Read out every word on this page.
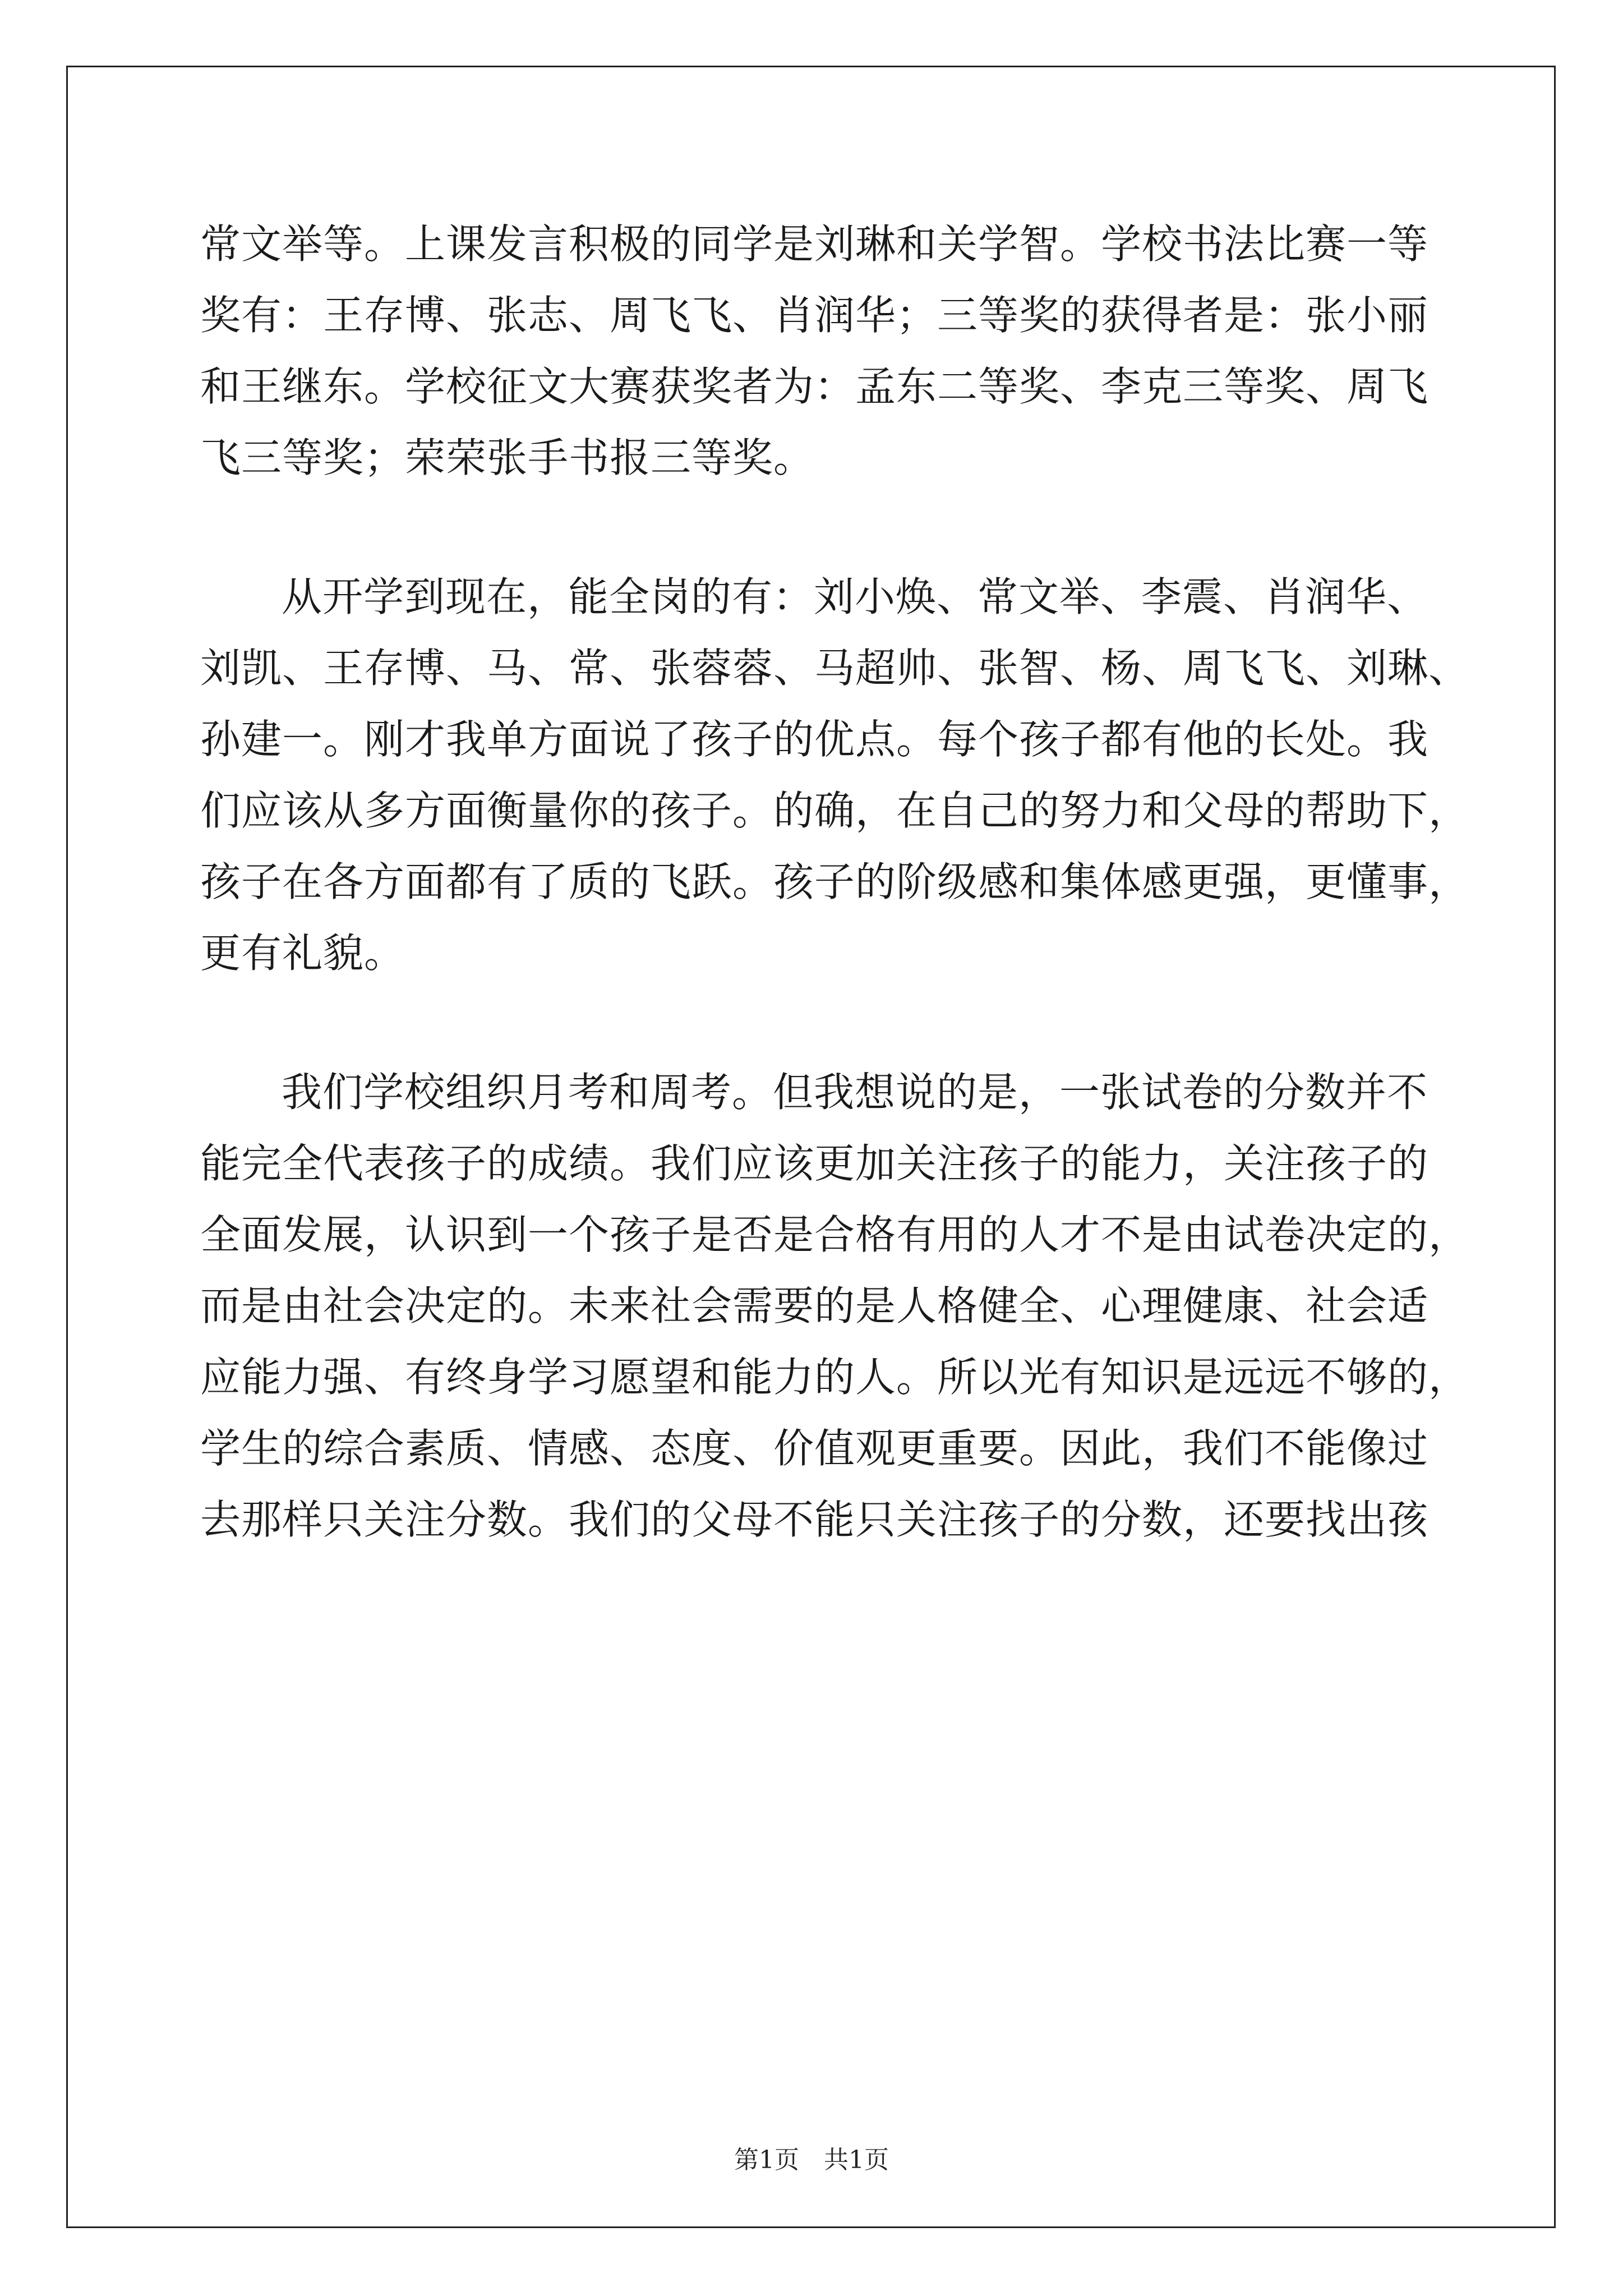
常文举等。上课发言积极的同学是刘琳和关学智。学校书法比赛一等
奖有：王存博、张志、周飞飞、肖润华；三等奖的获得者是：张小丽
和王继东。学校征文大赛获奖者为：孟东二等奖、李克三等奖、周飞
飞三等奖；荣荣张手书报三等奖。
从开学到现在，能全岗的有：刘小焕、常文举、李震、肖润华、
刘凯、王存博、马、常、张蓉蓉、马超帅、张智、杨、周飞飞、刘琳、
孙建一。刚才我单方面说了孩子的优点。每个孩子都有他的长处。我
们应该从多方面衡量你的孩子。的确，在自己的努力和父母的帮助下，
孩子在各方面都有了质的飞跃。孩子的阶级感和集体感更强，更懂事，
更有礼貌。
我们学校组织月考和周考。但我想说的是，一张试卷的分数并不
能完全代表孩子的成绩。我们应该更加关注孩子的能力，关注孩子的
全面发展，认识到一个孩子是否是合格有用的人才不是由试卷决定的，
而是由社会决定的。未来社会需要的是人格健全、心理健康、社会适
应能力强、有终身学习愿望和能力的人。所以光有知识是远远不够的，
学生的综合素质、情感、态度、价值观更重要。因此，我们不能像过
去那样只关注分数。我们的父母不能只关注孩子的分数，还要找出孩
第1页　共1页
